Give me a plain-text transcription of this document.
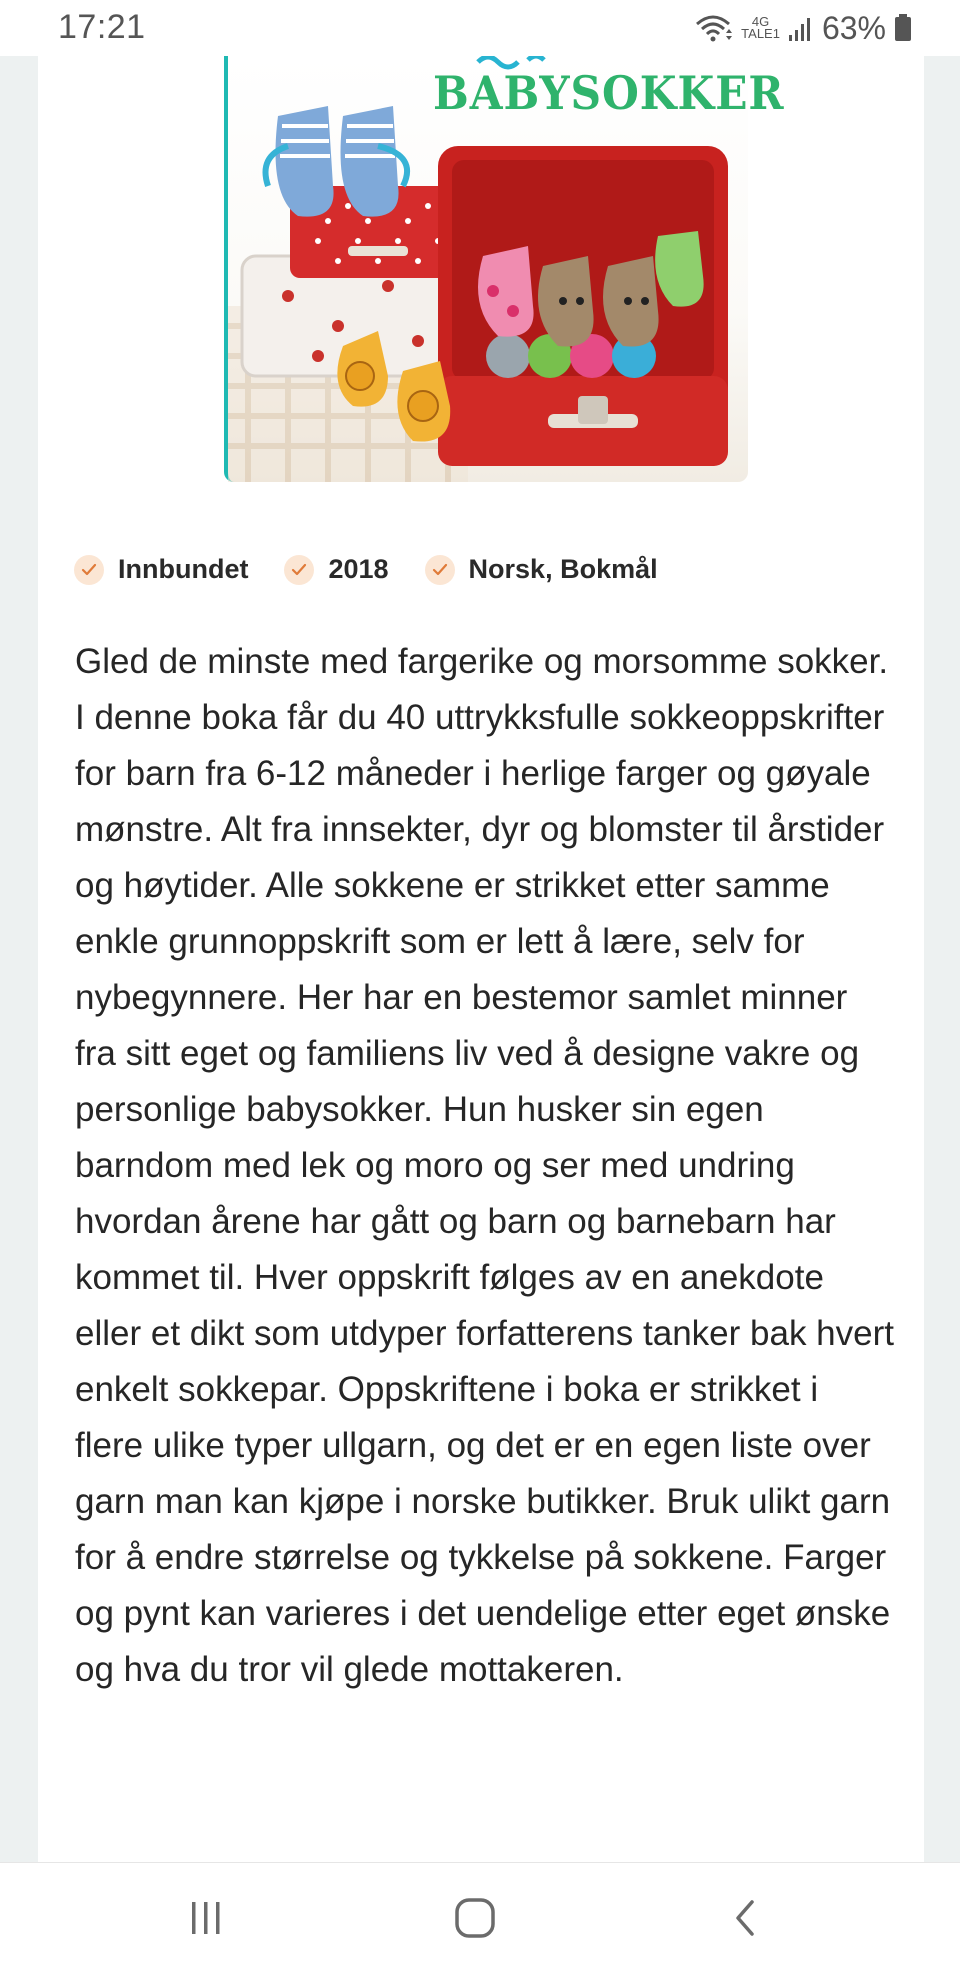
17:21	4G
TALE1 63%
BABYSOKKER
Innbundet	2018	Norsk, Bokmål

Gled de minste med fargerike og morsomme sokker. I denne boka får du 40 uttrykksfulle sokkeoppskrifter for barn fra 6-12 måneder i herlige farger og gøyale mønstre. Alt fra innsekter, dyr og blomster til årstider og høytider. Alle sokkene er strikket etter samme enkle grunnoppskrift som er lett å lære, selv for nybegynnere. Her har en bestemor samlet minner fra sitt eget og familiens liv ved å designe vakre og personlige babysokker. Hun husker sin egen barndom med lek og moro og ser med undring hvordan årene har gått og barn og barnebarn har kommet til. Hver oppskrift følges av en anekdote eller et dikt som utdyper forfatterens tanker bak hvert enkelt sokkepar. Oppskriftene i boka er strikket i flere ulike typer ullgarn, og det er en egen liste over garn man kan kjøpe i norske butikker. Bruk ulikt garn for å endre størrelse og tykkelse på sokkene. Farger og pynt kan varieres i det uendelige etter eget ønske og hva du tror vil glede mottakeren.
